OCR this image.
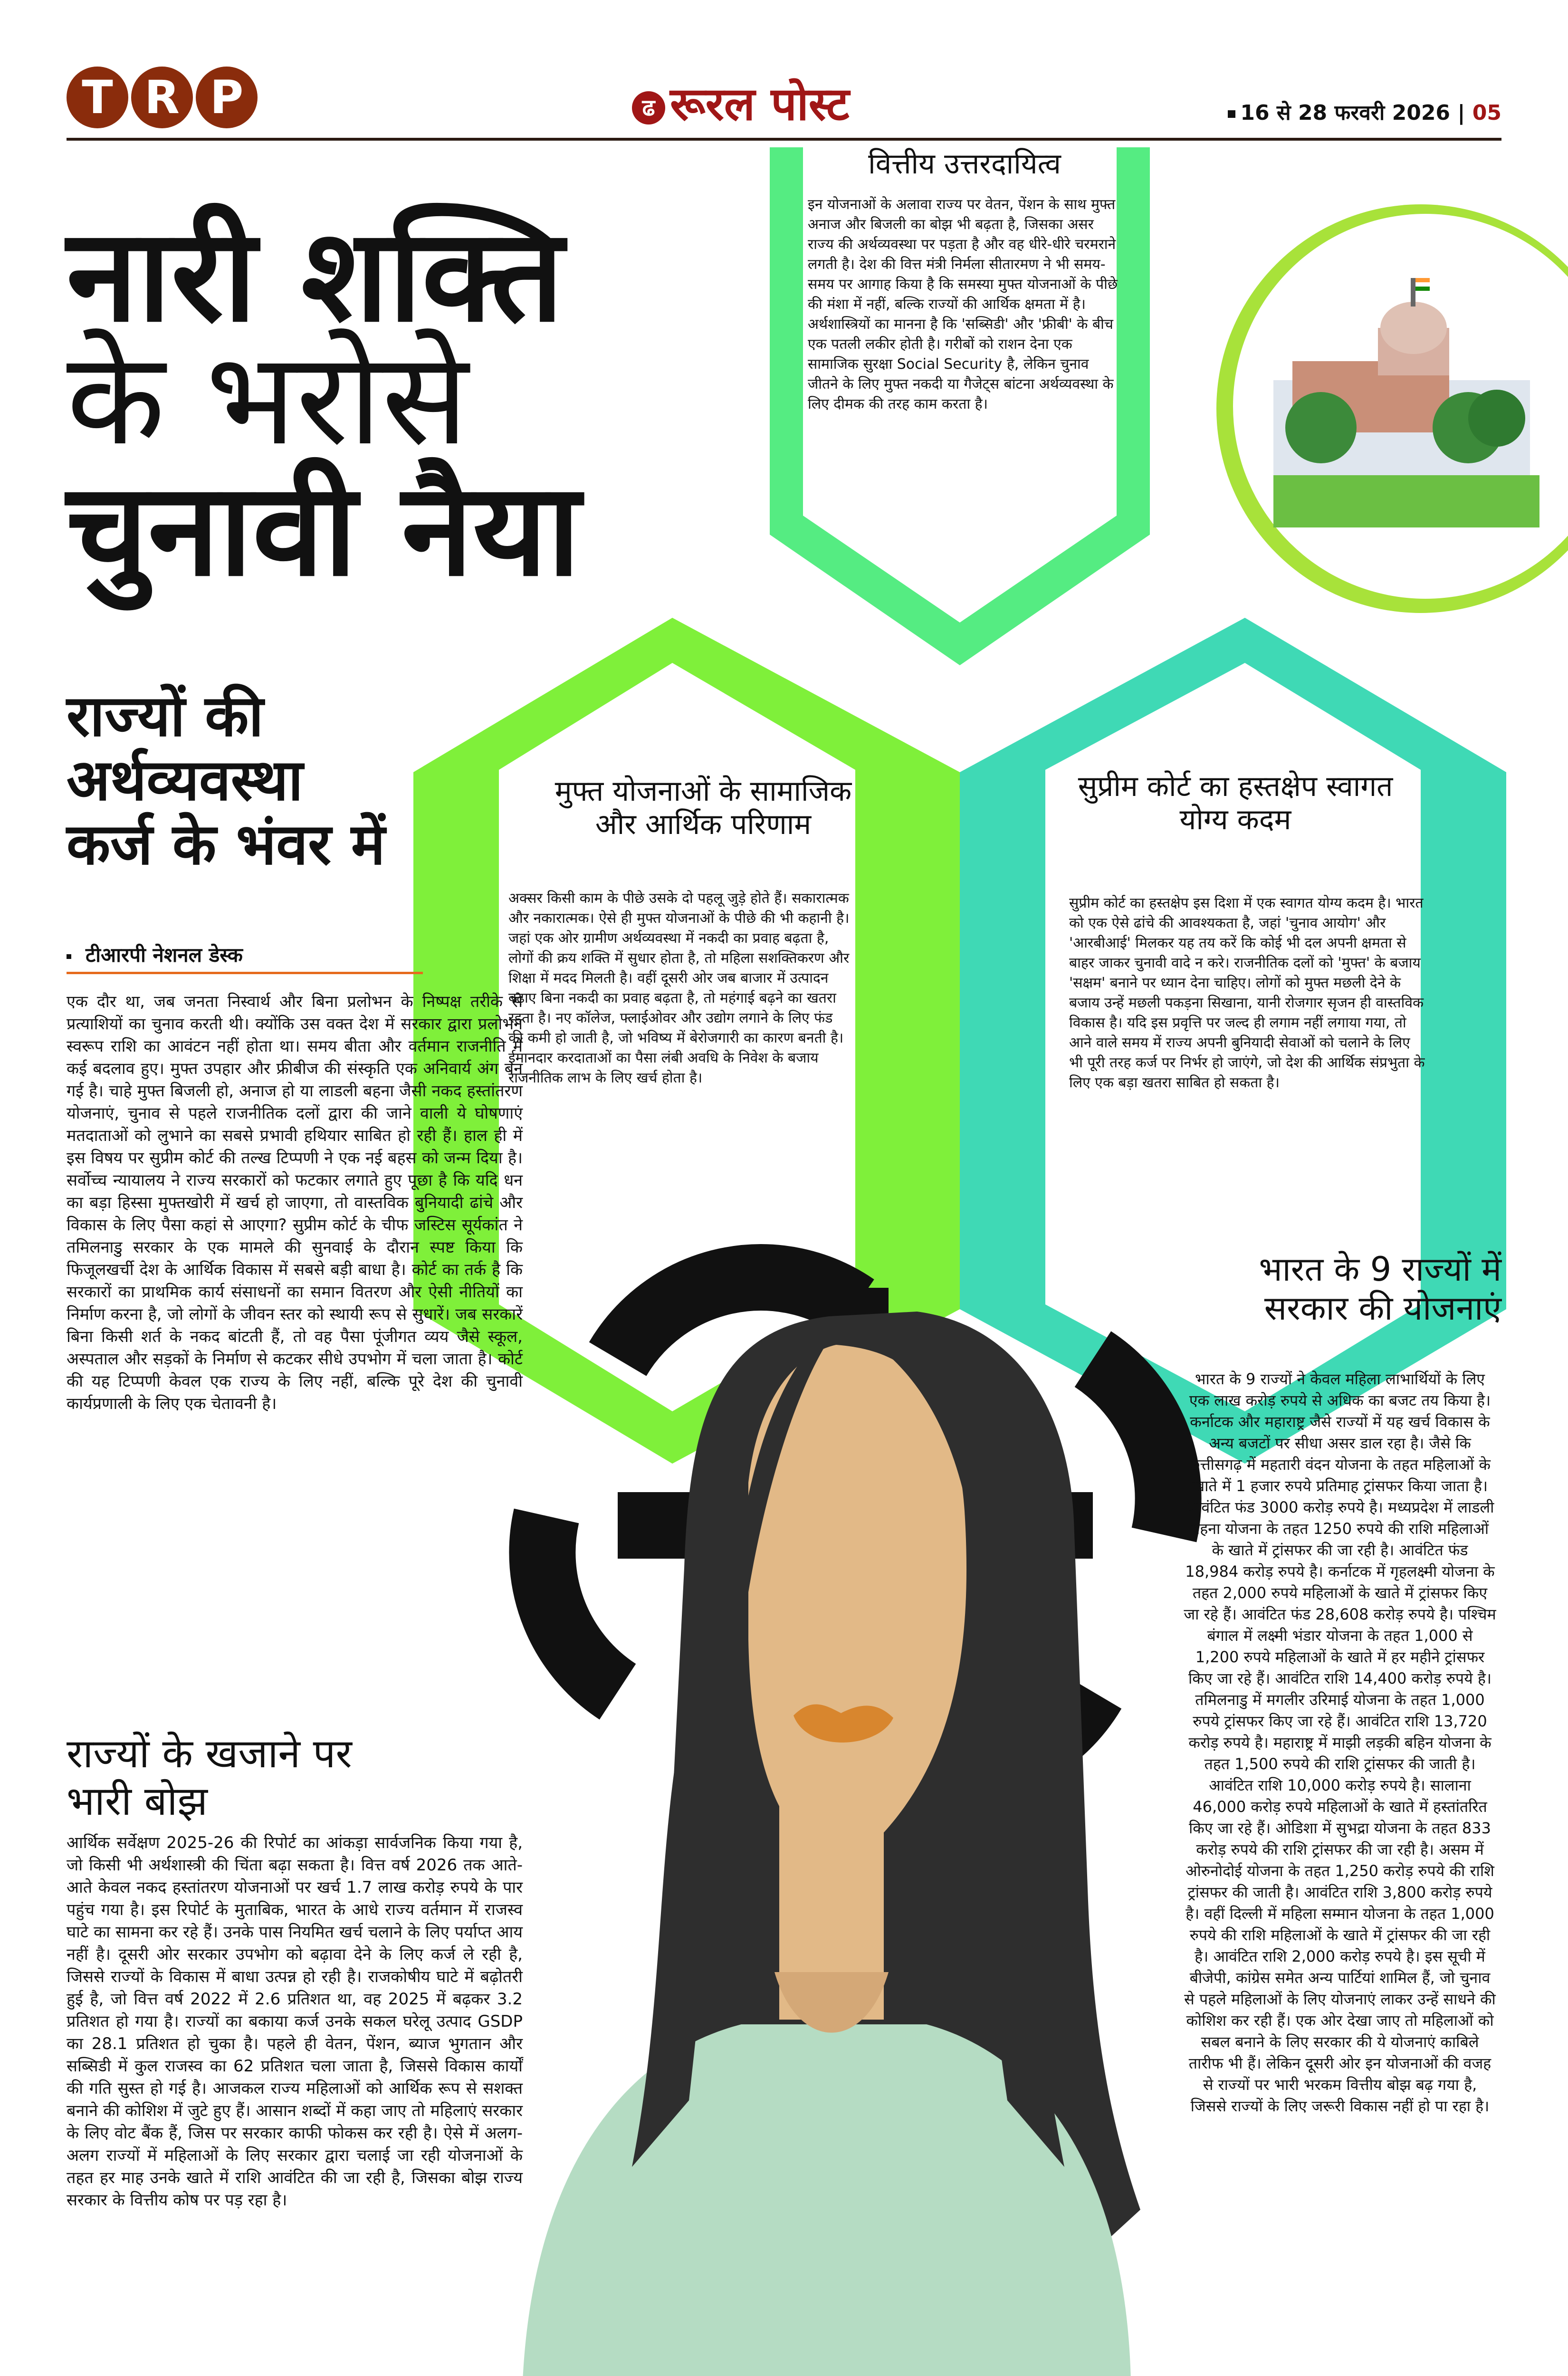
T R P	ढ रूरल पोस्ट	16 से 28 फरवरी 2026 | 05
नारी शक्ति
के भरोसे
चुनावी नैया
राज्यों की अर्थव्यवस्था कर्ज के भंवर में
टीआरपी नेशनल डेस्क
एक दौर था, जब जनता निस्वार्थ और बिना प्रलोभन के निष्पक्ष तरीके से प्रत्याशियों का चुनाव करती थी। क्योंकि उस वक्त देश में सरकार द्वारा प्रलोभन स्वरूप राशि का आवंटन नहीं होता था। समय बीता और वर्तमान राजनीति में कई बदलाव हुए। मुफ्त उपहार और फ्रीबीज की संस्कृति एक अनिवार्य अंग बन गई है। चाहे मुफ्त बिजली हो, अनाज हो या लाडली बहना जैसी नकद हस्तांतरण योजनाएं, चुनाव से पहले राजनीतिक दलों द्वारा की जाने वाली ये घोषणाएं मतदाताओं को लुभाने का सबसे प्रभावी हथियार साबित हो रही हैं। हाल ही में इस विषय पर सुप्रीम कोर्ट की तल्ख टिप्पणी ने एक नई बहस को जन्म दिया है। सर्वोच्च न्यायालय ने राज्य सरकारों को फटकार लगाते हुए पूछा है कि यदि धन का बड़ा हिस्सा मुफ्तखोरी में खर्च हो जाएगा, तो वास्तविक बुनियादी ढांचे और विकास के लिए पैसा कहां से आएगा? सुप्रीम कोर्ट के चीफ जस्टिस सूर्यकांत ने तमिलनाडु सरकार के एक मामले की सुनवाई के दौरान स्पष्ट किया कि फिजूलखर्ची देश के आर्थिक विकास में सबसे बड़ी बाधा है। कोर्ट का तर्क है कि सरकारों का प्राथमिक कार्य संसाधनों का समान वितरण और ऐसी नीतियों का निर्माण करना है, जो लोगों के जीवन स्तर को स्थायी रूप से सुधारें। जब सरकारें बिना किसी शर्त के नकद बांटती हैं, तो वह पैसा पूंजीगत व्यय जैसे स्कूल, अस्पताल और सड़कों के निर्माण से कटकर सीधे उपभोग में चला जाता है। कोर्ट की यह टिप्पणी केवल एक राज्य के लिए नहीं, बल्कि पूरे देश की चुनावी कार्यप्रणाली के लिए एक चेतावनी है।
राज्यों के खजाने पर भारी बोझ
आर्थिक सर्वेक्षण 2025-26 की रिपोर्ट का आंकड़ा सार्वजनिक किया गया है, जो किसी भी अर्थशास्त्री की चिंता बढ़ा सकता है। वित्त वर्ष 2026 तक आते-आते केवल नकद हस्तांतरण योजनाओं पर खर्च 1.7 लाख करोड़ रुपये के पार पहुंच गया है। इस रिपोर्ट के मुताबिक, भारत के आधे राज्य वर्तमान में राजस्व घाटे का सामना कर रहे हैं। उनके पास नियमित खर्च चलाने के लिए पर्याप्त आय नहीं है। दूसरी ओर सरकार उपभोग को बढ़ावा देने के लिए कर्ज ले रही है, जिससे राज्यों के विकास में बाधा उत्पन्न हो रही है। राजकोषीय घाटे में बढ़ोतरी हुई है, जो वित्त वर्ष 2022 में 2.6 प्रतिशत था, वह 2025 में बढ़कर 3.2 प्रतिशत हो गया है। राज्यों का बकाया कर्ज उनके सकल घरेलू उत्पाद GSDP का 28.1 प्रतिशत हो चुका है। पहले ही वेतन, पेंशन, ब्याज भुगतान और सब्सिडी में कुल राजस्व का 62 प्रतिशत चला जाता है, जिससे विकास कार्यों की गति सुस्त हो गई है। आजकल राज्य महिलाओं को आर्थिक रूप से सशक्त बनाने की कोशिश में जुटे हुए हैं। आसान शब्दों में कहा जाए तो महिलाएं सरकार के लिए वोट बैंक हैं, जिस पर सरकार काफी फोकस कर रही है। ऐसे में अलग-अलग राज्यों में महिलाओं के लिए सरकार द्वारा चलाई जा रही योजनाओं के तहत हर माह उनके खाते में राशि आवंटित की जा रही है, जिसका बोझ राज्य सरकार के वित्तीय कोष पर पड़ रहा है।
वित्तीय उत्तरदायित्व
इन योजनाओं के अलावा राज्य पर वेतन, पेंशन के साथ मुफ्त अनाज और बिजली का बोझ भी बढ़ता है, जिसका असर राज्य की अर्थव्यवस्था पर पड़ता है और वह धीरे-धीरे चरमराने लगती है। देश की वित्त मंत्री निर्मला सीतारमण ने भी समय-समय पर आगाह किया है कि समस्या मुफ्त योजनाओं के पीछे की मंशा में नहीं, बल्कि राज्यों की आर्थिक क्षमता में है। अर्थशास्त्रियों का मानना है कि 'सब्सिडी' और 'फ्रीबी' के बीच एक पतली लकीर होती है। गरीबों को राशन देना एक सामाजिक सुरक्षा Social Security है, लेकिन चुनाव जीतने के लिए मुफ्त नकदी या गैजेट्स बांटना अर्थव्यवस्था के लिए दीमक की तरह काम करता है।
मुफ्त योजनाओं के सामाजिक और आर्थिक परिणाम
अक्सर किसी काम के पीछे उसके दो पहलू जुड़े होते हैं। सकारात्मक और नकारात्मक। ऐसे ही मुफ्त योजनाओं के पीछे की भी कहानी है। जहां एक ओर ग्रामीण अर्थव्यवस्था में नकदी का प्रवाह बढ़ता है, लोगों की क्रय शक्ति में सुधार होता है, तो महिला सशक्तिकरण और शिक्षा में मदद मिलती है। वहीं दूसरी ओर जब बाजार में उत्पादन बढ़ाए बिना नकदी का प्रवाह बढ़ता है, तो महंगाई बढ़ने का खतरा रहता है। नए कॉलेज, फ्लाईओवर और उद्योग लगाने के लिए फंड की कमी हो जाती है, जो भविष्य में बेरोजगारी का कारण बनती है। ईमानदार करदाताओं का पैसा लंबी अवधि के निवेश के बजाय राजनीतिक लाभ के लिए खर्च होता है।
सुप्रीम कोर्ट का हस्तक्षेप स्वागत योग्य कदम
सुप्रीम कोर्ट का हस्तक्षेप इस दिशा में एक स्वागत योग्य कदम है। भारत को एक ऐसे ढांचे की आवश्यकता है, जहां 'चुनाव आयोग' और 'आरबीआई' मिलकर यह तय करें कि कोई भी दल अपनी क्षमता से बाहर जाकर चुनावी वादे न करे। राजनीतिक दलों को 'मुफ्त' के बजाय 'सक्षम' बनाने पर ध्यान देना चाहिए। लोगों को मुफ्त मछली देने के बजाय उन्हें मछली पकड़ना सिखाना, यानी रोजगार सृजन ही वास्तविक विकास है। यदि इस प्रवृत्ति पर जल्द ही लगाम नहीं लगाया गया, तो आने वाले समय में राज्य अपनी बुनियादी सेवाओं को चलाने के लिए भी पूरी तरह कर्ज पर निर्भर हो जाएंगे, जो देश की आर्थिक संप्रभुता के लिए एक बड़ा खतरा साबित हो सकता है।
भारत के 9 राज्यों में सरकार की योजनाएं
भारत के 9 राज्यों ने केवल महिला लाभार्थियों के लिए एक लाख करोड़ रुपये से अधिक का बजट तय किया है। कर्नाटक और महाराष्ट्र जैसे राज्यों में यह खर्च विकास के अन्य बजटों पर सीधा असर डाल रहा है। जैसे कि छत्तीसगढ़ में महतारी वंदन योजना के तहत महिलाओं के खाते में 1 हजार रुपये प्रतिमाह ट्रांसफर किया जाता है। आवंटित फंड 3000 करोड़ रुपये है। मध्यप्रदेश में लाडली बहना योजना के तहत 1250 रुपये की राशि महिलाओं के खाते में ट्रांसफर की जा रही है। आवंटित फंड 18,984 करोड़ रुपये है। कर्नाटक में गृहलक्ष्मी योजना के तहत 2,000 रुपये महिलाओं के खाते में ट्रांसफर किए जा रहे हैं। आवंटित फंड 28,608 करोड़ रुपये है। पश्चिम बंगाल में लक्ष्मी भंडार योजना के तहत 1,000 से 1,200 रुपये महिलाओं के खाते में हर महीने ट्रांसफर किए जा रहे हैं। आवंटित राशि 14,400 करोड़ रुपये है। तमिलनाडु में मगलीर उरिमाई योजना के तहत 1,000 रुपये ट्रांसफर किए जा रहे हैं। आवंटित राशि 13,720 करोड़ रुपये है। महाराष्ट्र में माझी लड़की बहिन योजना के तहत 1,500 रुपये की राशि ट्रांसफर की जाती है। आवंटित राशि 10,000 करोड़ रुपये है। सालाना 46,000 करोड़ रुपये महिलाओं के खाते में हस्तांतरित किए जा रहे हैं। ओडिशा में सुभद्रा योजना के तहत 833 करोड़ रुपये की राशि ट्रांसफर की जा रही है। असम में ओरुनोदोई योजना के तहत 1,250 करोड़ रुपये की राशि ट्रांसफर की जाती है। आवंटित राशि 3,800 करोड़ रुपये है। वहीं दिल्ली में महिला सम्मान योजना के तहत 1,000 रुपये की राशि महिलाओं के खाते में ट्रांसफर की जा रही है। आवंटित राशि 2,000 करोड़ रुपये है। इस सूची में बीजेपी, कांग्रेस समेत अन्य पार्टियां शामिल हैं, जो चुनाव से पहले महिलाओं के लिए योजनाएं लाकर उन्हें साधने की कोशिश कर रही हैं। एक ओर देखा जाए तो महिलाओं को सबल बनाने के लिए सरकार की ये योजनाएं काबिले तारीफ भी हैं। लेकिन दूसरी ओर इन योजनाओं की वजह से राज्यों पर भारी भरकम वित्तीय बोझ बढ़ गया है, जिससे राज्यों के लिए जरूरी विकास नहीं हो पा रहा है।
